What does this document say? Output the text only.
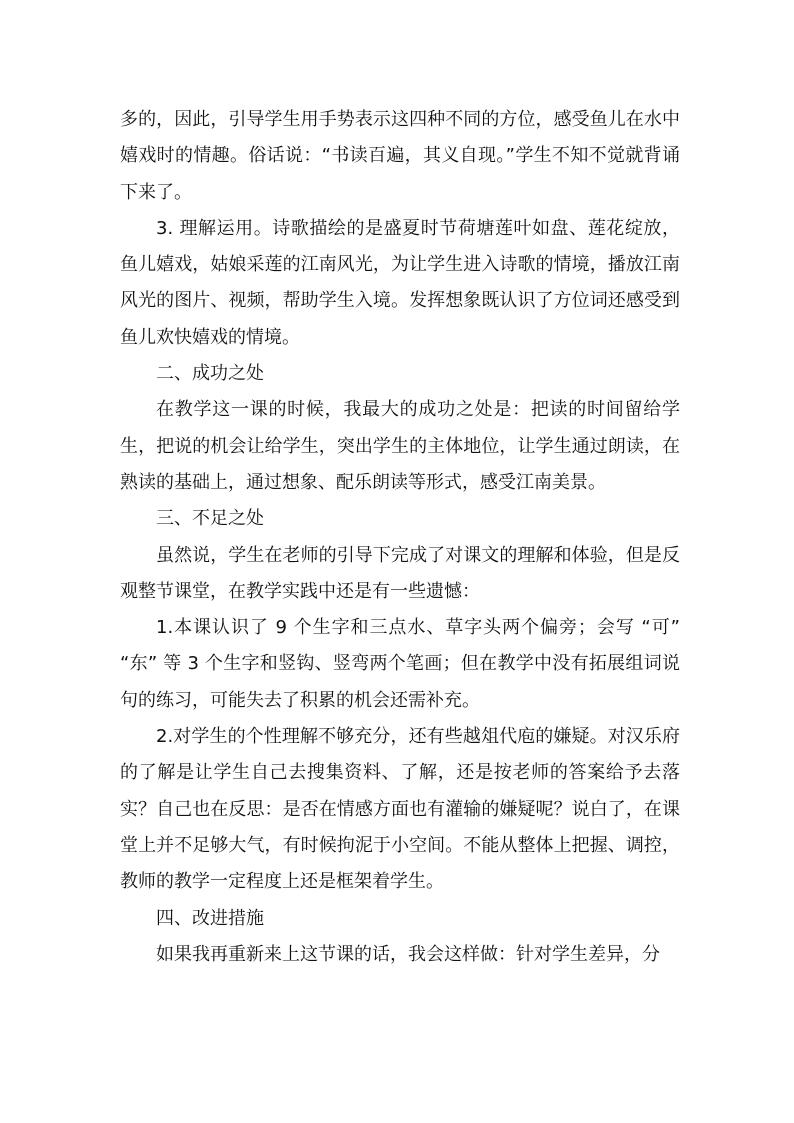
多的，因此，引导学生用手势表示这四种不同的方位，感受鱼儿在水中嬉戏时的情趣。俗话说：“书读百遍，其义自现。”学生不知不觉就背诵下来了。

3. 理解运用。诗歌描绘的是盛夏时节荷塘莲叶如盘、莲花绽放，鱼儿嬉戏，姑娘采莲的江南风光，为让学生进入诗歌的情境，播放江南风光的图片、视频，帮助学生入境。发挥想象既认识了方位词还感受到鱼儿欢快嬉戏的情境。

二、成功之处

在教学这一课的时候，我最大的成功之处是：把读的时间留给学生，把说的机会让给学生，突出学生的主体地位，让学生通过朗读，在熟读的基础上，通过想象、配乐朗读等形式，感受江南美景。

三、不足之处

虽然说，学生在老师的引导下完成了对课文的理解和体验，但是反观整节课堂，在教学实践中还是有一些遗憾：

1.本课认识了 9 个生字和三点水、草字头两个偏旁；会写 “可” “东” 等 3 个生字和竖钩、竖弯两个笔画；但在教学中没有拓展组词说句的练习，可能失去了积累的机会还需补充。

2.对学生的个性理解不够充分，还有些越俎代庖的嫌疑。对汉乐府的了解是让学生自己去搜集资料、了解，还是按老师的答案给予去落实？自己也在反思：是否在情感方面也有灌输的嫌疑呢？说白了，在课堂上并不足够大气，有时候拘泥于小空间。不能从整体上把握、调控，教师的教学一定程度上还是框架着学生。

四、改进措施

如果我再重新来上这节课的话，我会这样做：针对学生差异，分
